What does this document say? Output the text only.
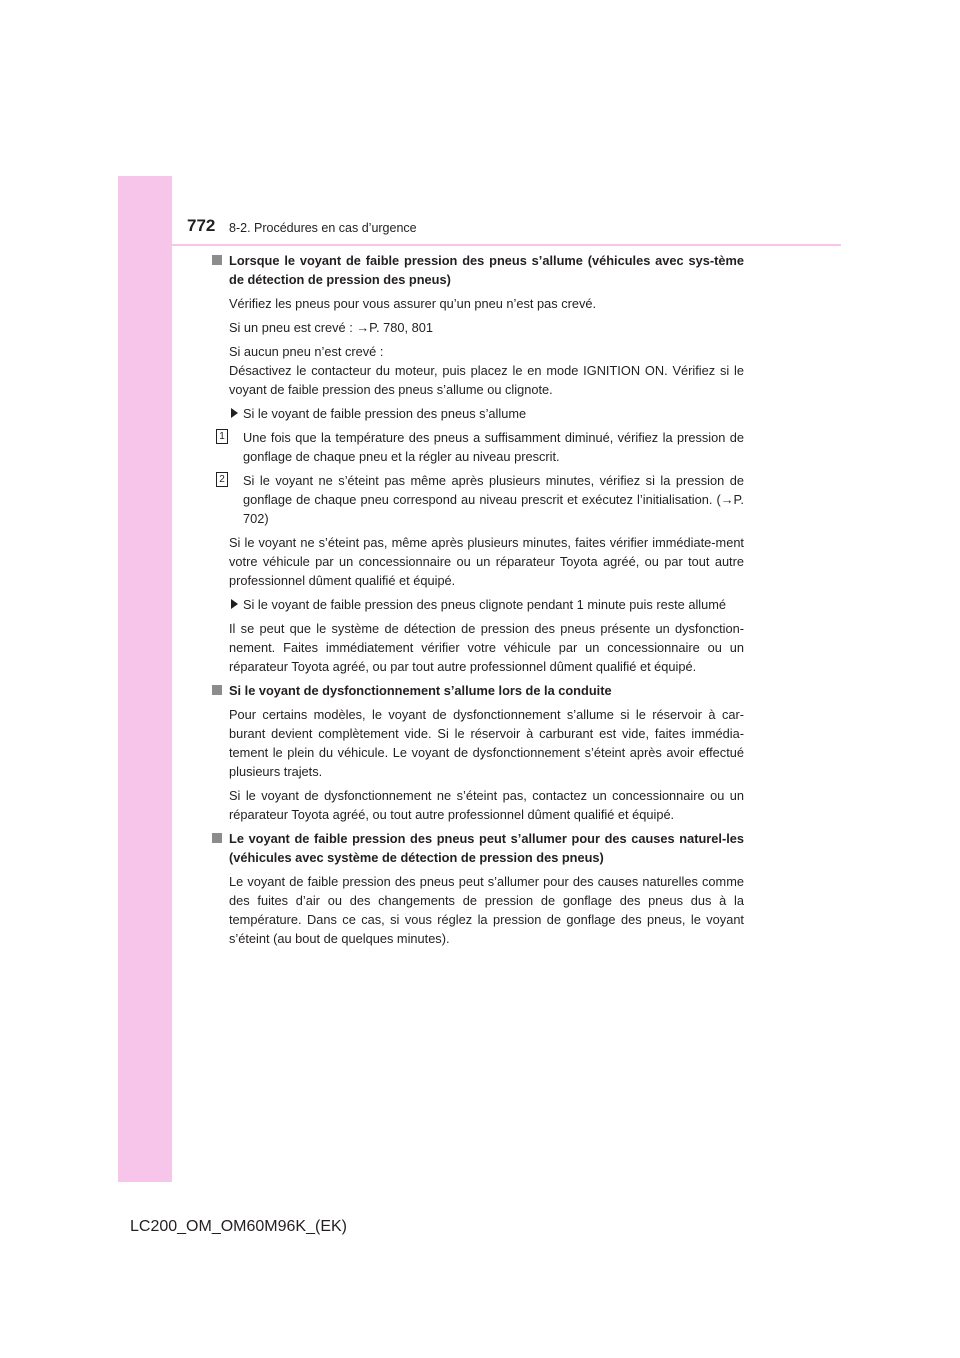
772 8-2. Procédures en cas d’urgence

Lorsque le voyant de faible pression des pneus s’allume (véhicules avec sys-tème de détection de pression des pneus)

Vérifiez les pneus pour vous assurer qu’un pneu n’est pas crevé.

Si un pneu est crevé : →P. 780, 801

Si aucun pneu n’est crevé :
Désactivez le contacteur du moteur, puis placez le en mode IGNITION ON. Vérifiez si le voyant de faible pression des pneus s’allume ou clignote.

Si le voyant de faible pression des pneus s’allume

1 Une fois que la température des pneus a suffisamment diminué, vérifiez la pression de gonflage de chaque pneu et la régler au niveau prescrit.

2 Si le voyant ne s’éteint pas même après plusieurs minutes, vérifiez si la pression de gonflage de chaque pneu correspond au niveau prescrit et exécutez l’initialisation. (→P. 702)

Si le voyant ne s’éteint pas, même après plusieurs minutes, faites vérifier immédiate-ment votre véhicule par un concessionnaire ou un réparateur Toyota agréé, ou par tout autre professionnel dûment qualifié et équipé.

Si le voyant de faible pression des pneus clignote pendant 1 minute puis reste allumé

Il se peut que le système de détection de pression des pneus présente un dysfonction-nement. Faites immédiatement vérifier votre véhicule par un concessionnaire ou un réparateur Toyota agréé, ou par tout autre professionnel dûment qualifié et équipé.

Si le voyant de dysfonctionnement s’allume lors de la conduite

Pour certains modèles, le voyant de dysfonctionnement s’allume si le réservoir à car-burant devient complètement vide. Si le réservoir à carburant est vide, faites immédia-tement le plein du véhicule. Le voyant de dysfonctionnement s’éteint après avoir effectué plusieurs trajets.

Si le voyant de dysfonctionnement ne s’éteint pas, contactez un concessionnaire ou un réparateur Toyota agréé, ou tout autre professionnel dûment qualifié et équipé.

Le voyant de faible pression des pneus peut s’allumer pour des causes naturel-les (véhicules avec système de détection de pression des pneus)

Le voyant de faible pression des pneus peut s’allumer pour des causes naturelles comme des fuites d’air ou des changements de pression de gonflage des pneus dus à la température. Dans ce cas, si vous réglez la pression de gonflage des pneus, le voyant s’éteint (au bout de quelques minutes).

LC200_OM_OM60M96K_(EK)
